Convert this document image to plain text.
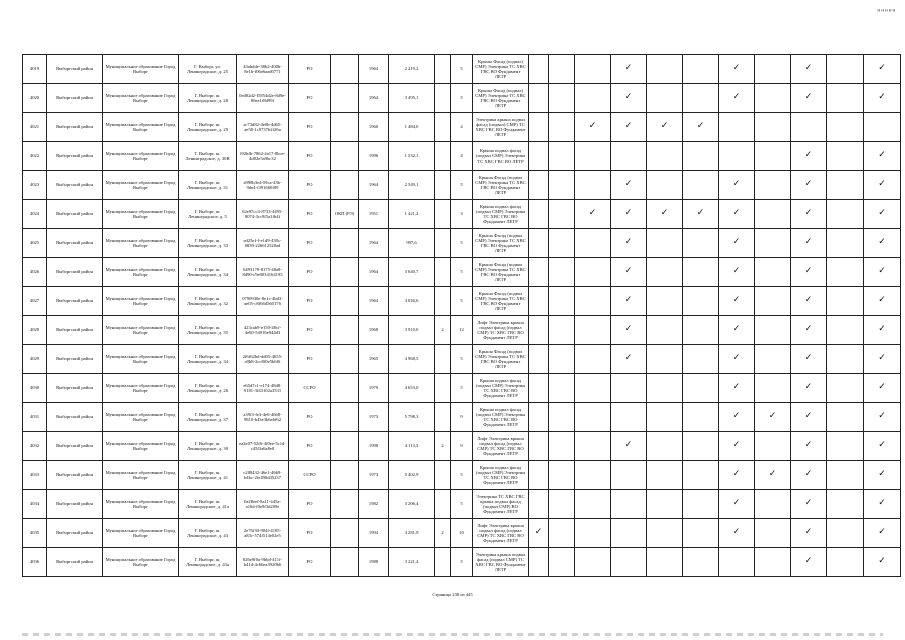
"""""
4019	Выборгский район	Муниципальное образование Город Выборг	Г. Выборг, ул. Ленинградское, д. 25	43ahdde-3862-400b-8e1b-f06e6aad0771	РО		1964	2 219,2		5	Крыша Фасад (подвал) СМР) Электрика ТС ХВС ГВС ВО Фундамент ЛЕТР				✓			✓		✓		✓
4020	Выборгский район	Муниципальное образование Город Выборг	Г. Выборг, ш. Ленинградское, д. 28	0ed82d2-f5854d2e-8d9e-06ea1f8d99f	РО		1964	3 495,1		5	Крыша Фасад (подвал) СМР) Электрика ТС ХВС ГВС ВО Фундамент ЛЕТР				✓			✓		✓		✓
4021	Выборгский район	Муниципальное образование Город Выборг	Г. Выборг, ш. Ленинградское, д. 29	ac73d82-4e0b-4d65-ae58-1c9737b2f26a	РО		1960	1 484,0		4	Электрика крыша подвал фасад (подвал) СМР) ТС ХВС ГВС ВО Фундамент ЛЕТР			✓	✓	✓	✓					
4022	Выборгский район	Муниципальное образование Город Выборг	Г. Выборг, ш. Ленинградское, д. 30В	f92bfb-7862-4a17-8bce-4d02e5a9bc32	РО		1996	1 532,1		4	Крыша подвал фасад (подвал СМР) Электрика ТС ХВС ГВС ВО ЛЕТР									✓		✓
4023	Выборгский район	Муниципальное образование Город Выборг	Г. Выборг, ш. Ленинградское, д. 31	a998b3e4-59ca-43b-9de4-f391660f09	РО		1964	2 549,1		5	Крыша Фасад (подвал СМР) Электрика ТС ХВС ГВС ВО Фундамент ЛЕТР				✓			✓		✓		✓
4024	Выборгский район	Муниципальное образование Город Выборг	Г. Выборг, ш. Ленинградское, д. 5	62e97cc3-8733-4495-8074-3cc9f5a1fb4f	РО	ОКП (РЭ)	1951	1 421,2		3	Крыша подвал фасад (подвал СМР) Электрика ТС ХВС ГВС ВО Фундамент ЛЕТР			✓	✓	✓	✓	✓		✓		✓
4025	Выборгский район	Муниципальное образование Город Выборг	Г. Выборг, ш. Ленинградское, д. 33	ed25ef-f-e1d9-430c-8839-226612520ad	РО		1964	997,6		5	Крыша Фасад (подвал СМР) Электрика ТС ХВС ГВС ВО Фундамент ЛЕТР				✓			✓		✓		✓
4026	Выборгский район	Муниципальное образование Город Выборг	Г. Выборг, ш. Ленинградское, д. 34	6493179-8175-48a8-8d90-c9e8034164195	РО		1964	3 640,7		5	Крыша Фасад (подвал СМР) Электрика ТС ХВС ГВС ВО Фундамент ЛЕТР				✓			✓		✓		✓
4027	Выборгский район	Муниципальное образование Город Выборг	Г. Выборг, ш. Ленинградское, д. 32	0790930e-8e1c-4bd3-ae05-c8f66d560176	РО		1964	4 026,6		5	Крыша Фасад (подвал СМР) Электрика ТС ХВС ГВС ВО Фундамент ЛЕТР				✓			✓		✓		✓
4028	Выборгский район	Муниципальное образование Город Выборг	Г. Выборг, ш. Ленинградское, д. 35	423cab9-e150-48cf-4e60-54916e944d3	РО		1968	3 910,0	2	12	Лифт Электрика крыша подвал фасад (подвал СМР) ТС ХВС ГВС ВО Фундамент ЛЕТР				✓			✓		✓		✓
4029	Выборгский район	Муниципальное образование Город Выборг	Г. Выборг, ш. Ленинградское, д. 34	2f6f62bd-dd05-4655-a9b8-2cc8f0e5b6f6	РО		1965	4 968,5		5	Крыша Фасад (подвал СМР) Электрика ТС ХВС ГВС ВО Фундамент ЛЕТР				✓			✓		✓		✓
4030	Выборгский район	Муниципальное образование Город Выборг	Г. Выборг, ш. Ленинградское, д. 26	e65d7c1-e174-48d8-9181-3f43102a3531	ССРО		1979	4 653,0		5	Крыша подвал фасад (подвал СМР) Электрика ТС ХВС ГВС ВО Фундамент ЛЕТР							✓		✓		✓
4031	Выборгский район	Муниципальное образование Город Выборг	Г. Выборг, ш. Ленинградское, д. 37	a39f3-fe3-4e6-4668-9810-b43e3b6a6f62	РО		1973	5 798,3		9	Крыша подвал фасад (подвал СМР) Электрика ТС ХВС ГВС ВО Фундамент ЛЕТР							✓	✓	✓		✓
4032	Выборгский район	Муниципальное образование Город Выборг	Г. Выборг, ш. Ленинградское, д. 39	ea2e07-52f6-4f0ee-5c1d-c45f3a6a8e0	РО		1998	4 113,5	2	9	Лифт Электрика крыша подвал фасад (подвал СМР) ТС ХВС ГВС ВО Фундамент ЛЕТР				✓			✓		✓		✓
4033	Выборгский район	Муниципальное образование Город Выборг	Г. Выборг, ш. Ленинградское, д. 41	c288432-46e1-4669-b4bc-2fe490d45237	ССРО		1973	5 402,9		5	Крыша подвал фасад (подвал СМР) Электрика ТС ХВС ГВС ВО Фундамент ЛЕТР							✓	✓	✓		✓
4034	Выборгский район	Муниципальное образование Город Выборг	Г. Выборг, ш. Ленинградское, д. 41а	0a28eef-8a11-445a-a16d-f0e9f3d209e	РО		1982	3 206,4		5	Электрика ТС ХВС ГВС крыша подвал фасад (подвал СМР) ВО Фундамент ЛЕТР							✓		✓		✓
4035	Выборгский район	Муниципальное образование Город Выборг	Г. Выборг, ш. Ленинградское, д. 43	2e76f30-904f-4195-a83c-574f514e02e5	РО		1994	4 281,9	2	10	Лифт Электрика крыша подвал фасад (подвал СМР) ТС ХВС ГВС ВО Фундамент ЛЕТР	✓						✓		✓		✓
4036	Выборгский район	Муниципальное образование Город Выборг	Г. Выборг, ш. Ленинградское, д. 43а	826e9f0a-9bbd-411f-b41d-4c66ea3920b6	РО		1988	3 221,4		5	Электрика крыша подвал фасад (подвал СМР) ТС ХВС ГВС ВО Фундамент ЛЕТР									✓		✓
Страница 238 из 445
